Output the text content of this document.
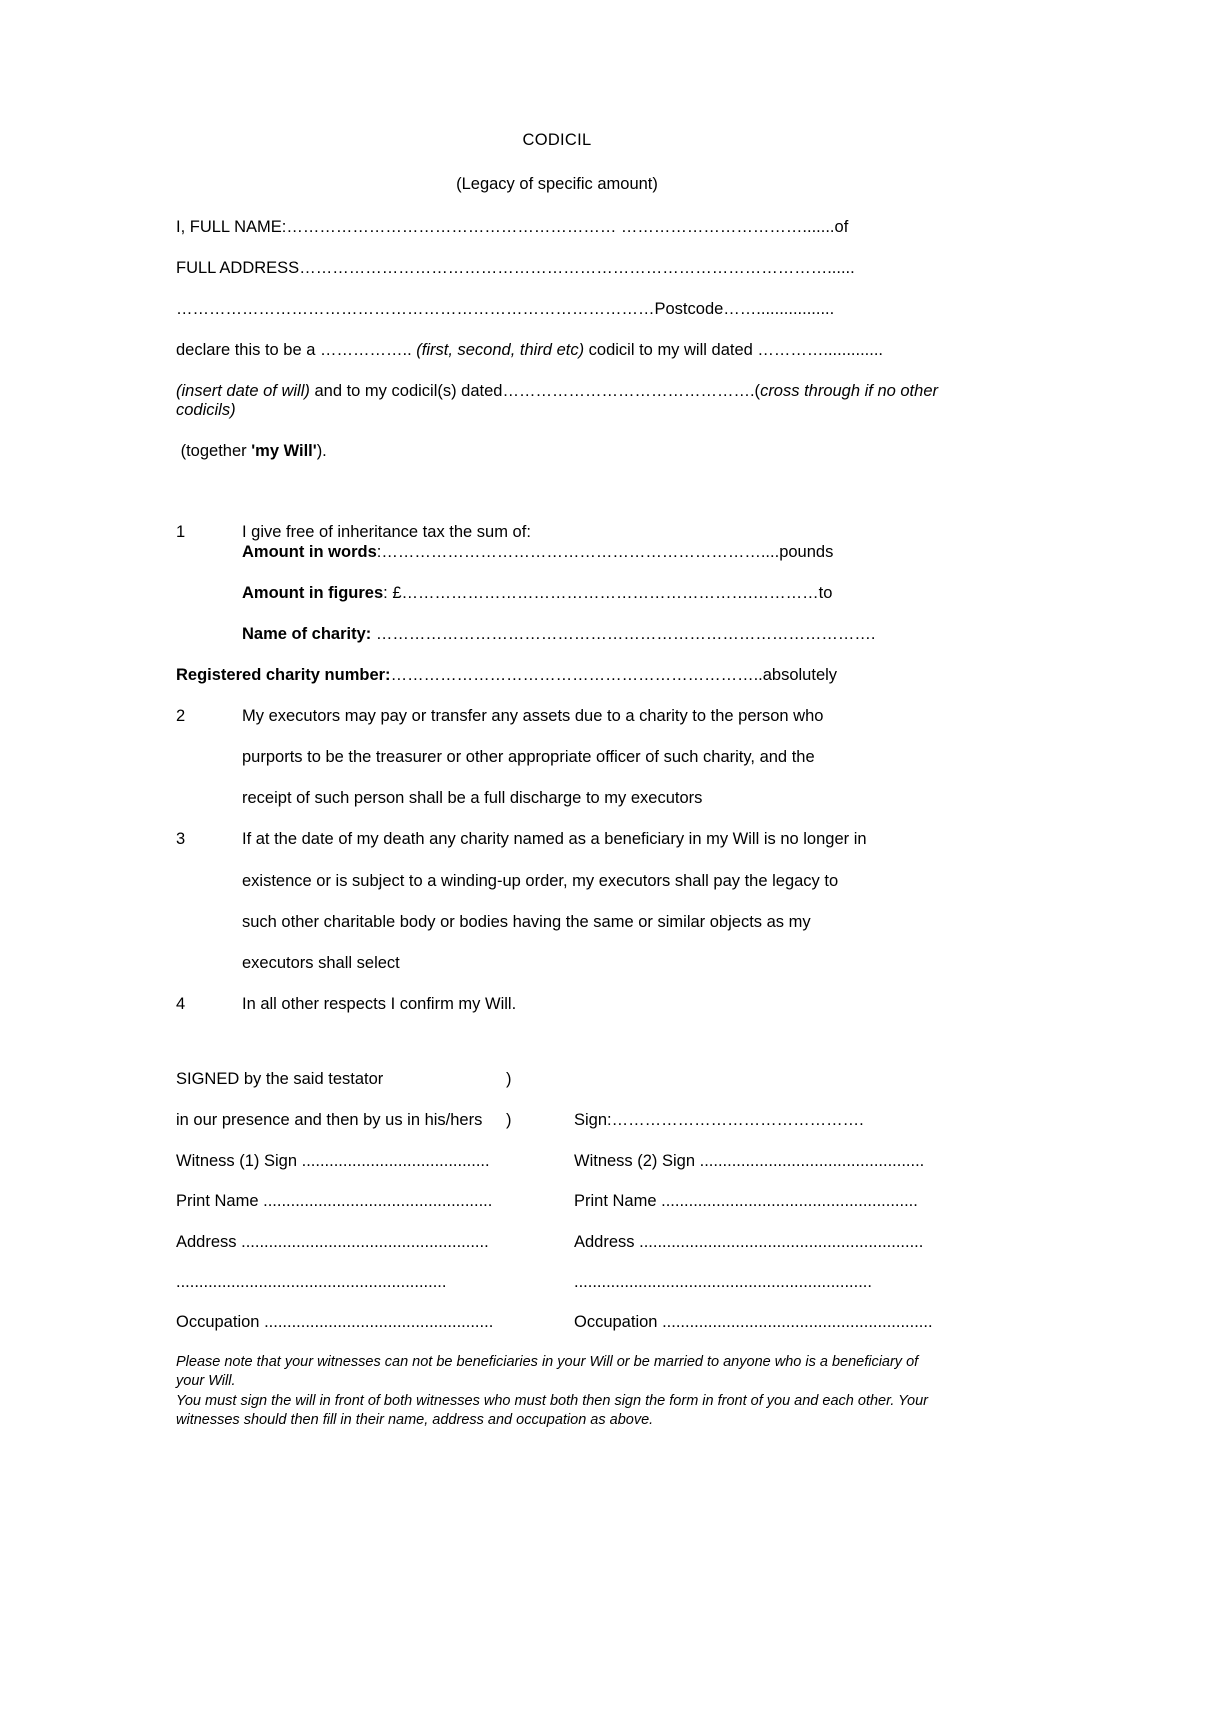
CODICIL
(Legacy of specific amount)
I, FULL NAME:…………………………………………………… …………………………….......of
FULL ADDRESS……………………………………………………………………………………......
……………………………………………………………………………Postcode…….................
declare this to be a …………….. (first, second, third etc) codicil to my will dated ………….............
(insert date of will) and to my codicil(s) dated……………………………………….(cross through if no other codicils)
(together 'my Will').
1	I give free of inheritance tax the sum of:

Amount in words:……………………………………………………………....pounds
Amount in figures: £……………………………………………………….…………to
Name of charity: ……………………………………………………………………………….
Registered charity number:…………………………………………………………..absolutely
2	My executors may pay or transfer any assets due to a charity to the person who

purports to be the treasurer or other appropriate officer of such charity, and the

receipt of such person shall be a full discharge to my executors

3	If at the date of my death any charity named as a beneficiary in my Will is no longer in

existence or is subject to a winding-up order, my executors shall pay the legacy to

such other charitable body or bodies having the same or similar objects as my

executors shall select

4	In all other respects I confirm my Will.

SIGNED by the said testator	)
in our presence and then by us in his/hers	)	Sign:……………………………………….
Witness (1) Sign .........................................	Witness (2) Sign .................................................
Print Name ..................................................	Print Name ........................................................
Address ......................................................	Address ..............................................................
...........................................................	.................................................................
Occupation ..................................................	Occupation ...........................................................

Please note that your witnesses can not be beneficiaries in your Will or be married to anyone who is a beneficiary of your Will.

You must sign the will in front of both witnesses who must both then sign the form in front of you and each other. Your

witnesses should then fill in their name, address and occupation as above.
